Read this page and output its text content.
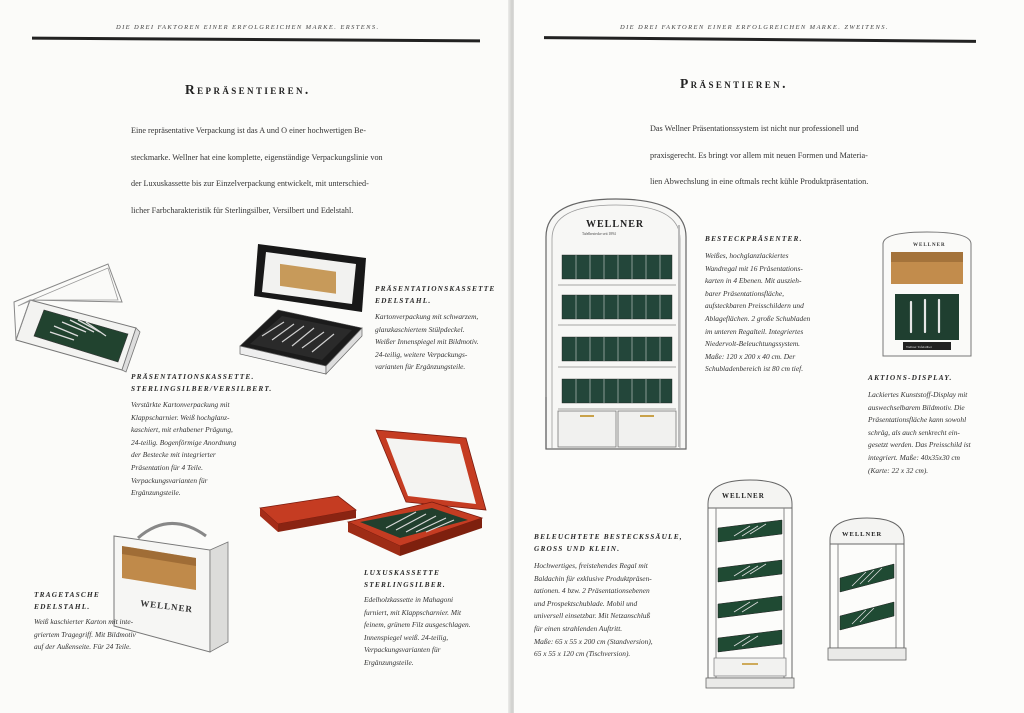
DIE DREI FAKTOREN EINER ERFOLGREICHEN MARKE. ERSTENS.
Repräsentieren.
Eine repräsentative Verpackung ist das A und O einer hochwertigen Be-
steckmarke. Wellner hat eine komplette, eigenständige Verpackungslinie von
der Luxuskassette bis zur Einzelverpackung entwickelt, mit unterschied-
licher Farbcharakteristik für Sterlingsilber, Versilbert und Edelstahl.
WELLNER
PRÄSENTATIONSKASSETTE
EDELSTAHL.
Kartonverpackung mit schwarzem,
glanzkaschiertem Stülpdeckel.
Weißer Innenspiegel mit Bildmotiv.
24-teilig, weitere Verpackungs-
varianten für Ergänzungsteile.
PRÄSENTATIONSKASSETTE.
STERLINGSILBER/VERSILBERT.
Verstärkte Kartonverpackung mit
Klappscharnier. Weiß hochglanz-
kaschiert, mit erhabener Prägung,
24-teilig. Bogenförmige Anordnung
der Bestecke mit integrierter
Präsentation für 4 Teile.
Verpackungsvarianten für
Ergänzungsteile.
TRAGETASCHE
EDELSTAHL.
Weiß kaschierter Karton mit inte-
griertem Tragegriff. Mit Bildmotiv
auf der Außenseite. Für 24 Teile.
LUXUSKASSETTE
STERLINGSILBER.
Edelholzkassette in Mahagoni
furniert, mit Klappscharnier. Mit
feinem, grünem Filz ausgeschlagen.
Innenspiegel weiß. 24-teilig,
Verpackungsvarianten für
Ergänzungsteile.
DIE DREI FAKTOREN EINER ERFOLGREICHEN MARKE. ZWEITENS.
Präsentieren.
Das Wellner Präsentationssystem ist nicht nur professionell und
praxisgerecht. Es bringt vor allem mit neuen Formen und Materia-
lien Abwechslung in eine oftmals recht kühle Produktpräsentation.
WELLNER
Tafelbestecke seit 1894
WELLNER
Wellner Tafelsilber
WELLNER
WELLNER
BESTECKPRÄSENTER.
Weißes, hochglanzlackiertes
Wandregal mit 16 Präsentations-
karten in 4 Ebenen. Mit auszieh-
barer Präsentationsfläche,
aufsteckbaren Preisschildern und
Ablageflächen. 2 große Schubladen
im unteren Regalteil. Integriertes
Niedervolt-Beleuchtungssystem.
Maße: 120 x 200 x 40 cm. Der
Schubladenbereich ist 80 cm tief.
AKTIONS-DISPLAY.
Lackiertes Kunststoff-Display mit
auswechselbarem Bildmotiv. Die
Präsentationsfläche kann sowohl
schräg, als auch senkrecht ein-
gesetzt werden. Das Preisschild ist
integriert. Maße: 40x35x30 cm
(Karte: 22 x 32 cm).
BELEUCHTETE BESTECKSSÄULE,
GROSS UND KLEIN.
Hochwertiges, freistehendes Regal mit
Baldachin für exklusive Produktpräsen-
tationen. 4 bzw. 2 Präsentationsebenen
und Prospektschublade. Mobil und
universell einsetzbar. Mit Netzanschluß
für einen strahlenden Auftritt.
Maße: 65 x 55 x 200 cm (Standversion),
65 x 55 x 120 cm (Tischversion).
